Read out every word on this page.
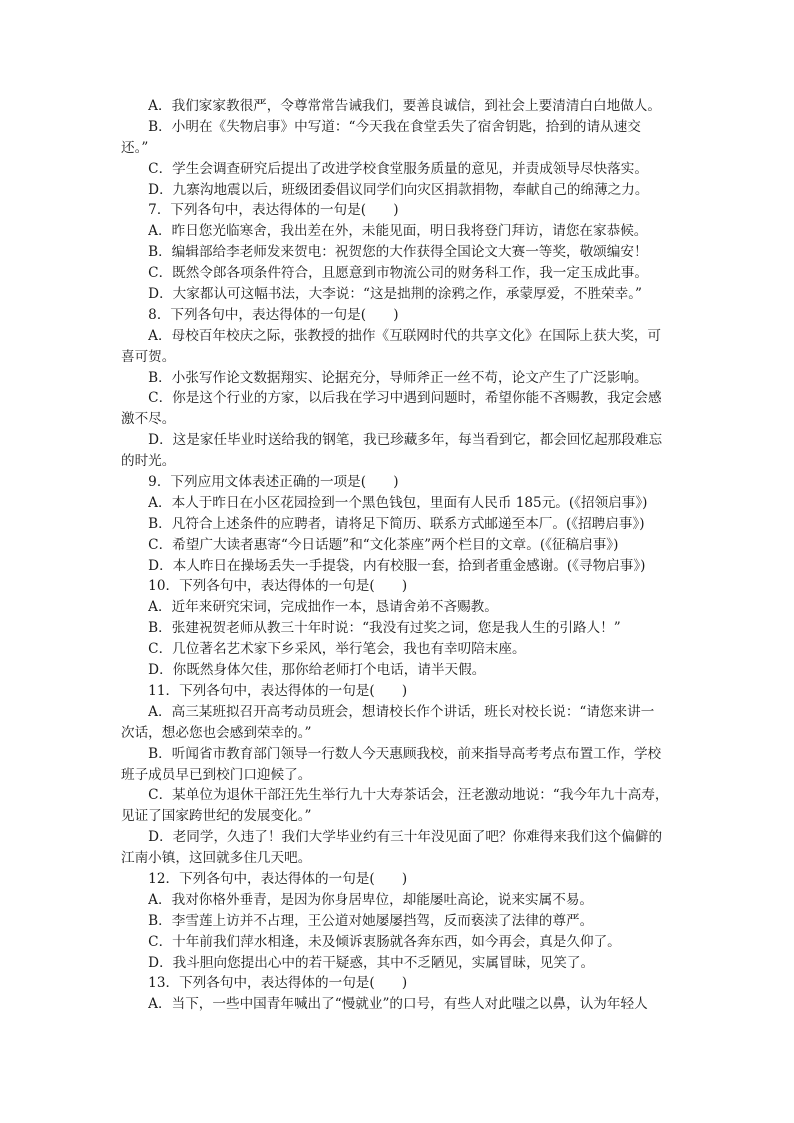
　　A．我们家家教很严，令尊常常告诫我们，要善良诚信，到社会上要清清白白地做人。
　　B．小明在《失物启事》中写道：“今天我在食堂丢失了宿舍钥匙，拾到的请从速交
还。”
　　C．学生会调查研究后提出了改进学校食堂服务质量的意见，并责成领导尽快落实。
　　D．九寨沟地震以后，班级团委倡议同学们向灾区捐款捐物，奉献自己的绵薄之力。
　　7．下列各句中，表达得体的一句是(　　)
　　A．昨日您光临寒舍，我出差在外，未能见面，明日我将登门拜访，请您在家恭候。
　　B．编辑部给李老师发来贺电：祝贺您的大作获得全国论文大赛一等奖，敬颂编安！
　　C．既然令郎各项条件符合，且愿意到市物流公司的财务科工作，我一定玉成此事。
　　D．大家都认可这幅书法，大李说：“这是拙荆的涂鸦之作，承蒙厚爱，不胜荣幸。”
　　8．下列各句中，表达得体的一句是(　　)
　　A．母校百年校庆之际，张教授的拙作《互联网时代的共享文化》在国际上获大奖，可
喜可贺。
　　B．小张写作论文数据翔实、论据充分，导师斧正一丝不苟，论文产生了广泛影响。
　　C．你是这个行业的方家，以后我在学习中遇到问题时，希望你能不吝赐教，我定会感
激不尽。
　　D．这是家任毕业时送给我的钢笔，我已珍藏多年，每当看到它，都会回忆起那段难忘
的时光。
　　9．下列应用文体表述正确的一项是(　　)
　　A．本人于昨日在小区花园捡到一个黑色钱包，里面有人民币 185元。(《招领启事》)
　　B．凡符合上述条件的应聘者，请将足下简历、联系方式邮递至本厂。(《招聘启事》)
　　C．希望广大读者惠寄“今日话题”和“文化茶座”两个栏目的文章。(《征稿启事》)
　　D．本人昨日在操场丢失一手提袋，内有校服一套，拾到者重金感谢。(《寻物启事》)
　　10．下列各句中，表达得体的一句是(　　)
　　A．近年来研究宋词，完成拙作一本，恳请舍弟不吝赐教。
　　B．张建祝贺老师从教三十年时说：“我没有过奖之词，您是我人生的引路人！”
　　C．几位著名艺术家下乡采风，举行笔会，我也有幸叨陪末座。
　　D．你既然身体欠佳，那你给老师打个电话，请半天假。
　　11．下列各句中，表达得体的一句是(　　)
　　A．高三某班拟召开高考动员班会，想请校长作个讲话，班长对校长说：“请您来讲一
次话，想必您也会感到荣幸的。”
　　B．听闻省市教育部门领导一行数人今天惠顾我校，前来指导高考考点布置工作，学校
班子成员早已到校门口迎候了。
　　C．某单位为退休干部汪先生举行九十大寿茶话会，汪老激动地说：“我今年九十高寿，
见证了国家跨世纪的发展变化。”
　　D．老同学，久违了！我们大学毕业约有三十年没见面了吧？你难得来我们这个偏僻的
江南小镇，这回就多住几天吧。
　　12．下列各句中，表达得体的一句是(　　)
　　A．我对你格外垂青，是因为你身居卑位，却能屡吐高论，说来实属不易。
　　B．李雪莲上访并不占理，王公道对她屡屡挡驾，反而亵渎了法律的尊严。
　　C．十年前我们萍水相逢，未及倾诉衷肠就各奔东西，如今再会，真是久仰了。
　　D．我斗胆向您提出心中的若干疑惑，其中不乏陋见，实属冒昧，见笑了。
　　13．下列各句中，表达得体的一句是(　　)
　　A．当下，一些中国青年喊出了“慢就业”的口号，有些人对此嗤之以鼻，认为年轻人
